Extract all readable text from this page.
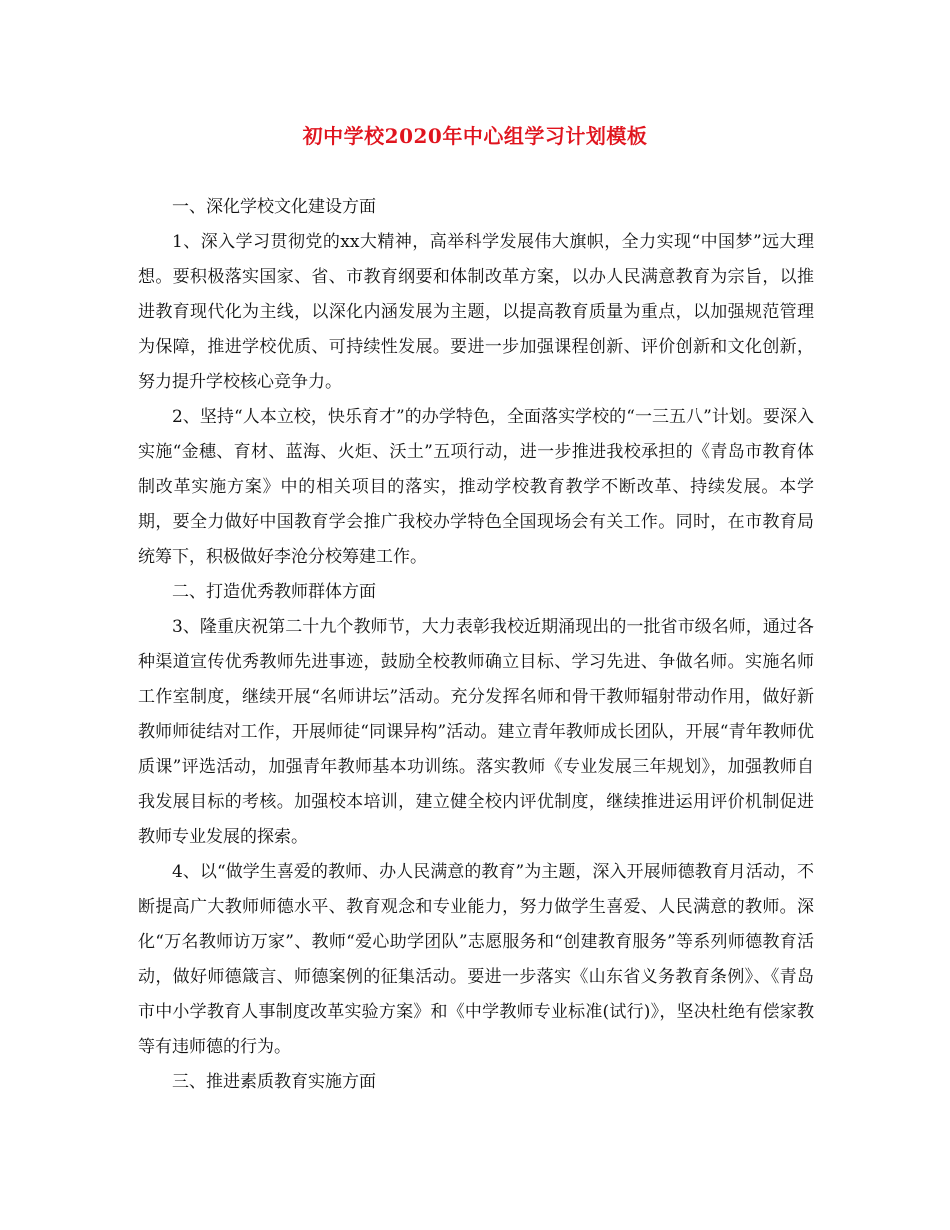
初中学校2020年中心组学习计划模板

一、深化学校文化建设方面

1、深入学习贯彻党的xx大精神，高举科学发展伟大旗帜，全力实现“中国梦”远大理想。要积极落实国家、省、市教育纲要和体制改革方案，以办人民满意教育为宗旨，以推进教育现代化为主线，以深化内涵发展为主题，以提高教育质量为重点，以加强规范管理为保障，推进学校优质、可持续性发展。要进一步加强课程创新、评价创新和文化创新，努力提升学校核心竞争力。

2、坚持“人本立校，快乐育才”的办学特色，全面落实学校的“一三五八”计划。要深入实施“金穗、育材、蓝海、火炬、沃土”五项行动，进一步推进我校承担的《青岛市教育体制改革实施方案》中的相关项目的落实，推动学校教育教学不断改革、持续发展。本学期，要全力做好中国教育学会推广我校办学特色全国现场会有关工作。同时，在市教育局统筹下，积极做好李沧分校筹建工作。

二、打造优秀教师群体方面

3、隆重庆祝第二十九个教师节，大力表彰我校近期涌现出的一批省市级名师，通过各种渠道宣传优秀教师先进事迹，鼓励全校教师确立目标、学习先进、争做名师。实施名师工作室制度，继续开展“名师讲坛”活动。充分发挥名师和骨干教师辐射带动作用，做好新教师师徒结对工作，开展师徒“同课异构”活动。建立青年教师成长团队，开展“青年教师优质课”评选活动，加强青年教师基本功训练。落实教师《专业发展三年规划》，加强教师自我发展目标的考核。加强校本培训，建立健全校内评优制度，继续推进运用评价机制促进教师专业发展的探索。

4、以“做学生喜爱的教师、办人民满意的教育”为主题，深入开展师德教育月活动，不断提高广大教师师德水平、教育观念和专业能力，努力做学生喜爱、人民满意的教师。深化“万名教师访万家”、教师“爱心助学团队”志愿服务和“创建教育服务”等系列师德教育活动，做好师德箴言、师德案例的征集活动。要进一步落实《山东省义务教育条例》、《青岛市中小学教育人事制度改革实验方案》和《中学教师专业标准(试行)》，坚决杜绝有偿家教等有违师德的行为。

三、推进素质教育实施方面
